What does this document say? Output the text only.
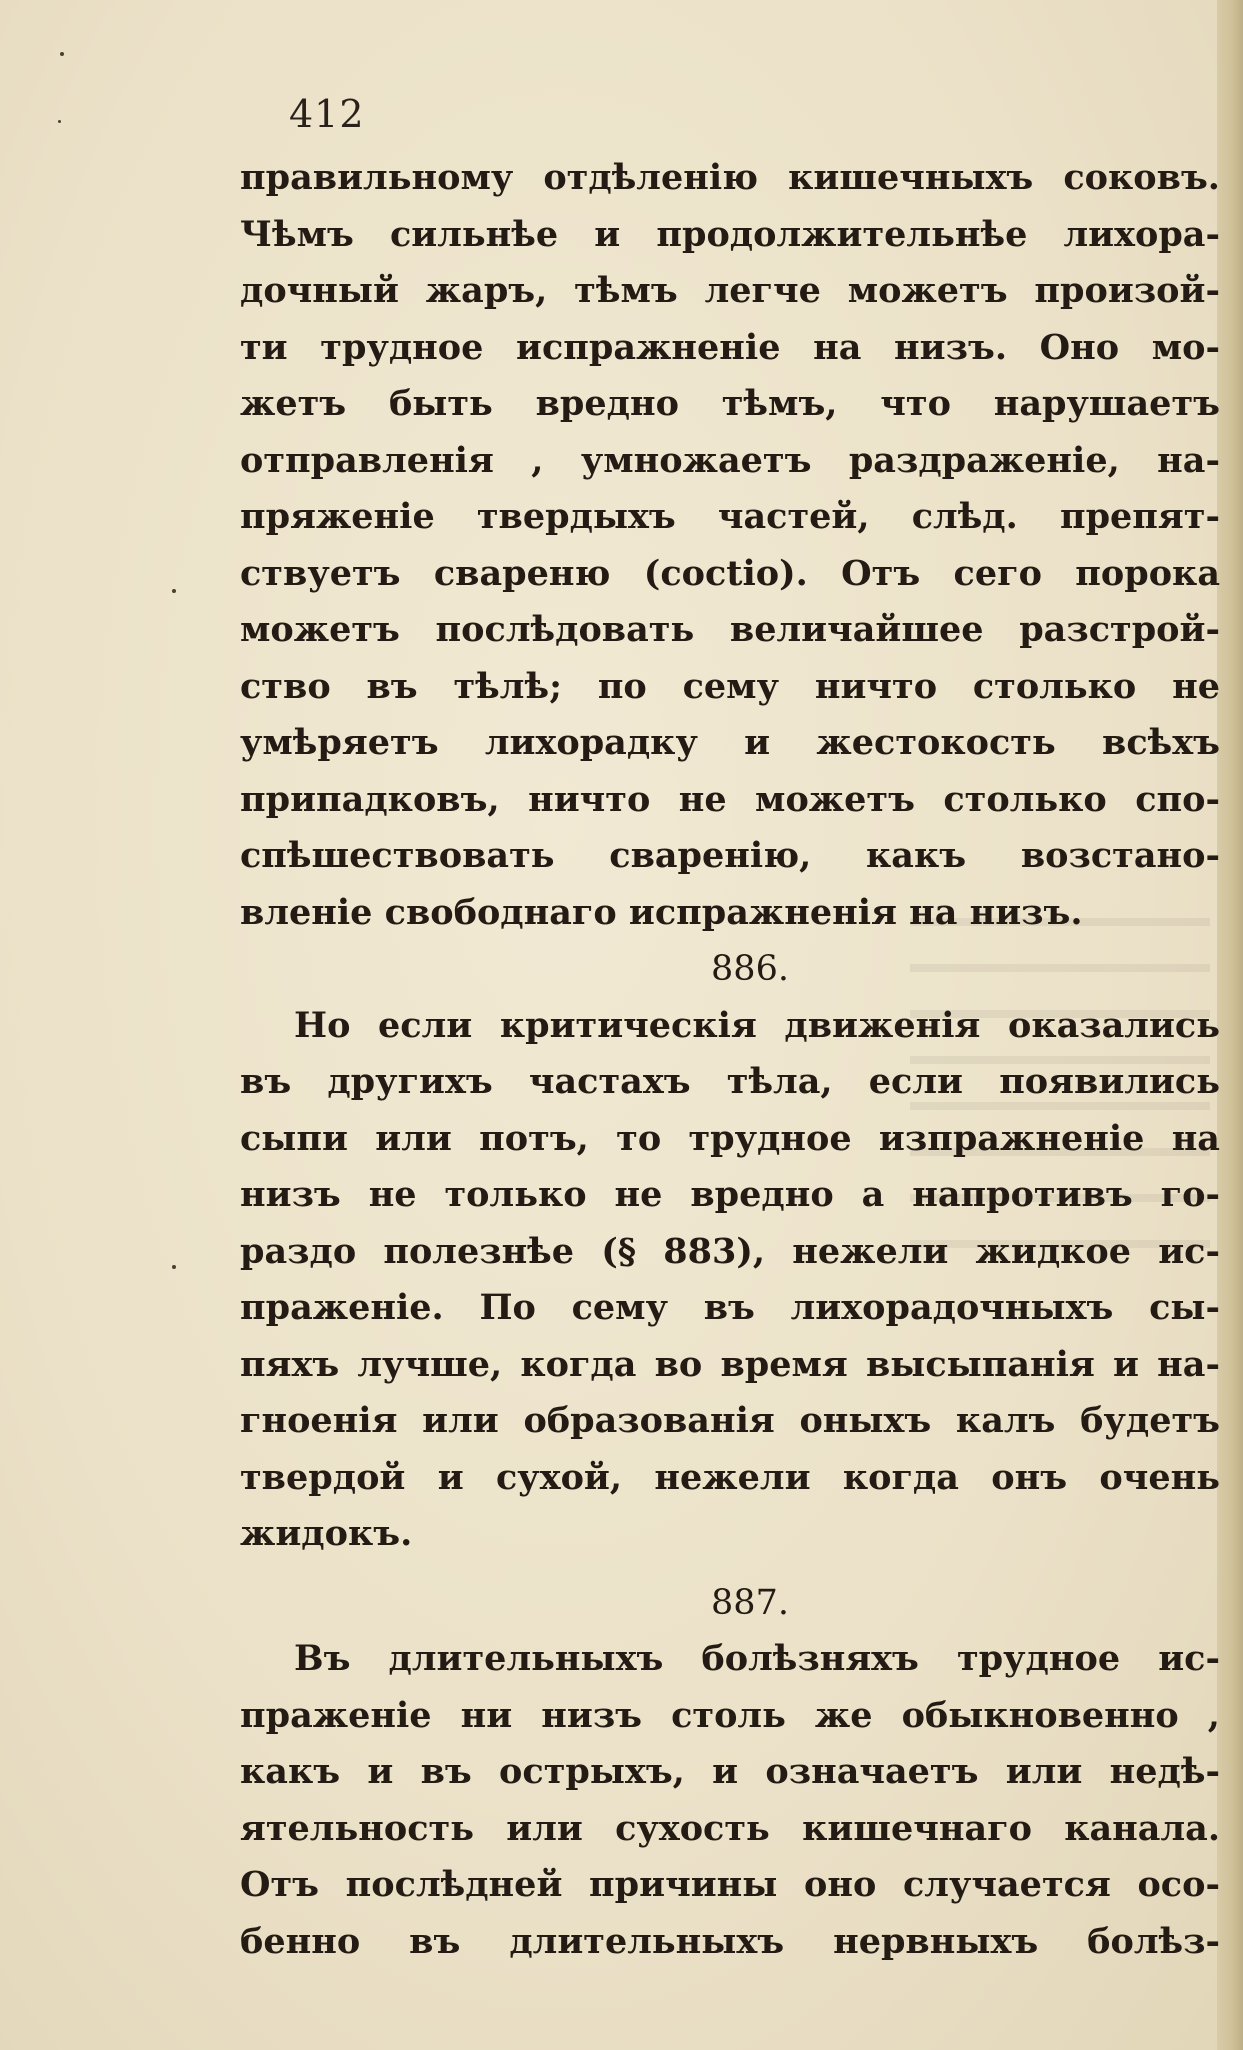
412
правильному отдѣленію кишечныхъ соковъ.
Чѣмъ сильнѣе и продолжительнѣе лихора-
дочный жаръ, тѣмъ легче можетъ произой-
ти трудное испражненіе на низъ. Оно мо-
жетъ быть вредно тѣмъ, что нарушаетъ
отправленія , умножаетъ раздраженіе, на-
пряженіе твердыхъ частей, слѣд. препят-
ствуетъ свареню (coctio). Отъ сего порока
можетъ послѣдовать величайшее разстрой-
ство въ тѣлѣ; по сему ничто столько не
умѣряетъ лихорадку и жестокость всѣхъ
припадковъ, ничто не можетъ столько спо-
спѣшествовать сваренію, какъ возстано-
вленіе свободнаго испражненія на низъ.
886.
Но если критическія движенія оказались
въ другихъ частахъ тѣла, если появились
сыпи или потъ, то трудное изпражненіе на
низъ не только не вредно а напротивъ го-
раздо полезнѣе (§ 883), нежели жидкое ис-
праженіе. По сему въ лихорадочныхъ сы-
пяхъ лучше, когда во время высыпанія и на-
гноенія или образованія оныхъ калъ будетъ
твердой и сухой, нежели когда онъ очень
жидокъ.
887.
Въ длительныхъ болѣзняхъ трудное ис-
праженіе ни низъ столь же обыкновенно ,
какъ и въ острыхъ, и означаетъ или недѣ-
ятельность или сухость кишечнаго канала.
Отъ послѣдней причины оно случается осо-
бенно въ длительныхъ нервныхъ болѣз-
